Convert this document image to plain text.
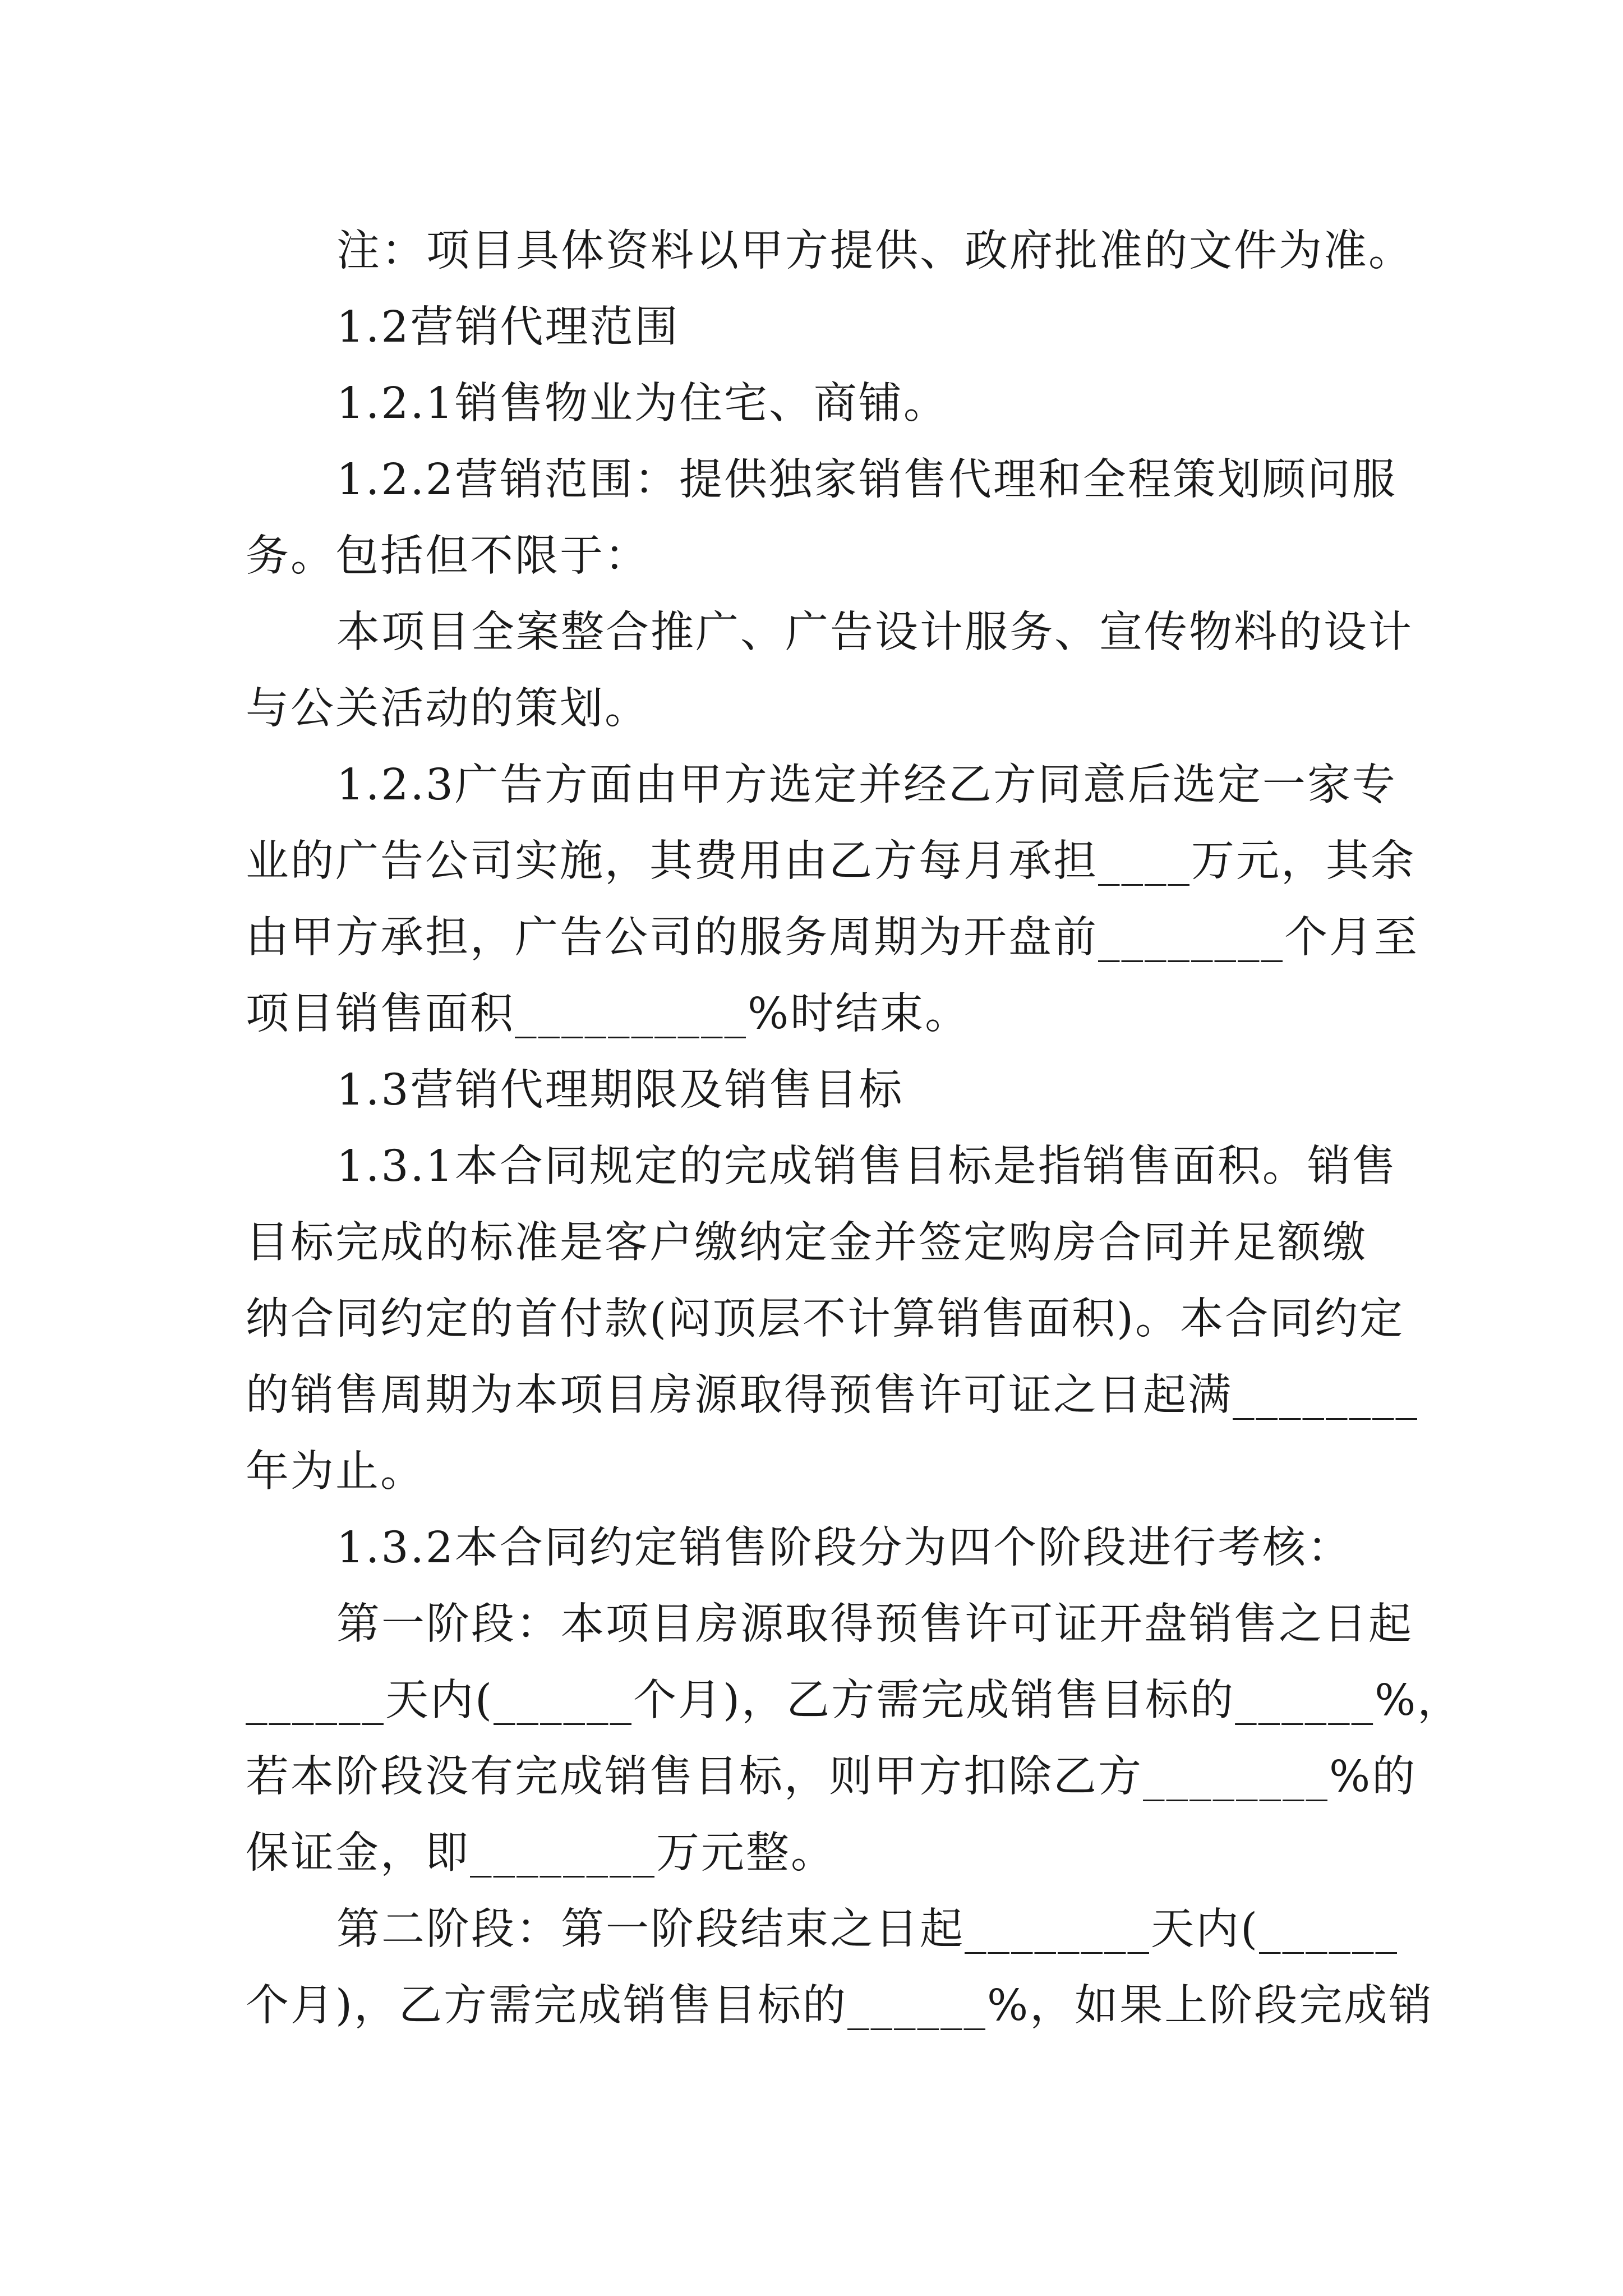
注：项目具体资料以甲方提供、政府批准的文件为准。
1.2营销代理范围
1.2.1销售物业为住宅、商铺。
1.2.2营销范围：提供独家销售代理和全程策划顾问服
务。包括但不限于：
本项目全案整合推广、广告设计服务、宣传物料的设计
与公关活动的策划。
1.2.3广告方面由甲方选定并经乙方同意后选定一家专
业的广告公司实施，其费用由乙方每月承担____万元，其余
由甲方承担，广告公司的服务周期为开盘前________个月至
项目销售面积__________%时结束。
1.3营销代理期限及销售目标
1.3.1本合同规定的完成销售目标是指销售面积。销售
目标完成的标准是客户缴纳定金并签定购房合同并足额缴
纳合同约定的首付款(闷顶层不计算销售面积)。本合同约定
的销售周期为本项目房源取得预售许可证之日起满________
年为止。
1.3.2本合同约定销售阶段分为四个阶段进行考核：
第一阶段：本项目房源取得预售许可证开盘销售之日起
______天内(______个月)，乙方需完成销售目标的______%，
若本阶段没有完成销售目标，则甲方扣除乙方________%的
保证金，即________万元整。
第二阶段：第一阶段结束之日起________天内(______
个月)，乙方需完成销售目标的______%，如果上阶段完成销
